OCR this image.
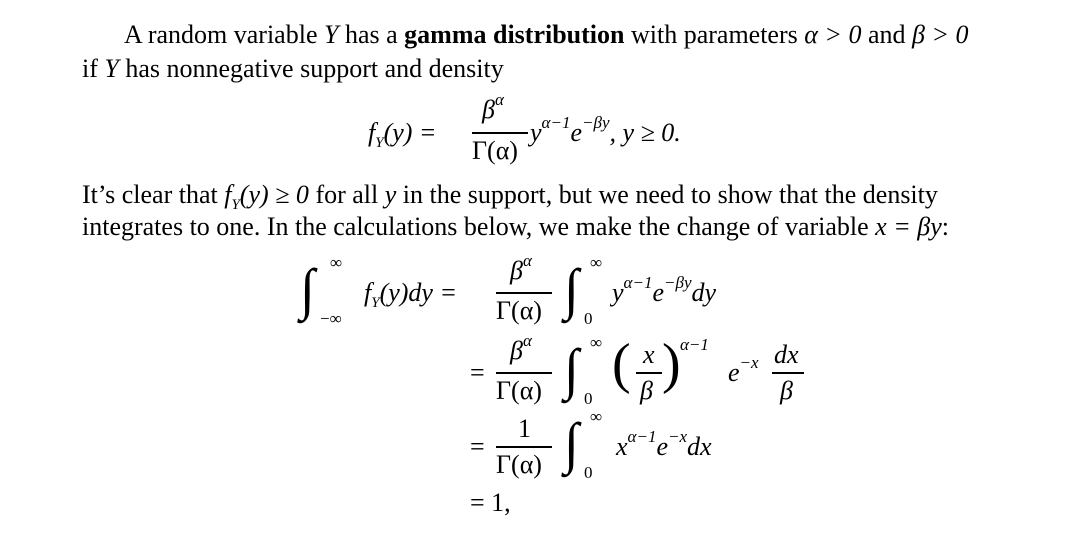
A random variable Y has a gamma distribution with parameters α > 0 and β > 0
if Y has nonnegative support and density
$f_Y(y)$ =
$\beta^\alpha$
Γ(α)
$y^{\alpha-1}e^{-\beta y}$, y ≥ 0.
It’s clear that $f_Y(y) \ge 0$ for all y in the support, but we need to show that the density
integrates to one. In the calculations below, we make the change of variable x = βy:
∫ ∞
−∞
$f_Y(y)dy$ =
$\beta^\alpha$
Γ(α) ∫ ∞
0
$y^{\alpha-1}e^{-\beta y}dy$
=
$\beta^\alpha$
Γ(α) ∫ ∞
0
( x
β ) α−1
$e^{-x}$ dx
β
=
1
Γ(α) ∫ ∞
0
$x^{\alpha-1}e^{-x}dx$
= 1,
